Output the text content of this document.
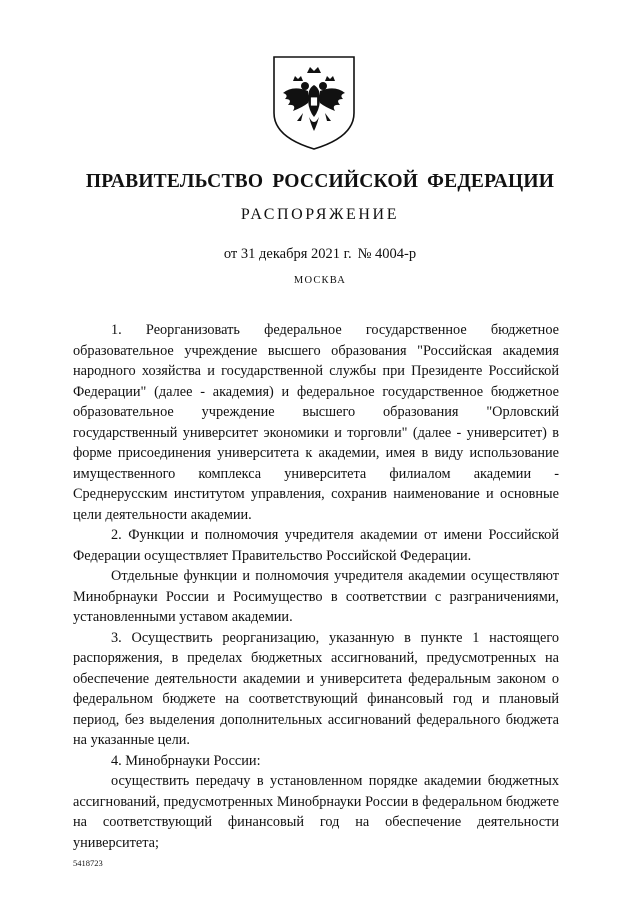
ПРАВИТЕЛЬСТВО РОССИЙСКОЙ ФЕДЕРАЦИИ
РАСПОРЯЖЕНИЕ
от 31 декабря 2021 г. № 4004-р
МОСКВА

1. Реорганизовать федеральное государственное бюджетное образовательное учреждение высшего образования "Российская академия народного хозяйства и государственной службы при Президенте Российской Федерации" (далее - академия) и федеральное государственное бюджетное образовательное учреждение высшего образования "Орловский государственный университет экономики и торговли" (далее - университет) в форме присоединения университета к академии, имея в виду использование имущественного комплекса университета филиалом академии - Среднерусским институтом управления, сохранив наименование и основные цели деятельности академии.

2. Функции и полномочия учредителя академии от имени Российской Федерации осуществляет Правительство Российской Федерации.

Отдельные функции и полномочия учредителя академии осуществляют Минобрнауки России и Росимущество в соответствии с разграничениями, установленными уставом академии.

3. Осуществить реорганизацию, указанную в пункте 1 настоящего распоряжения, в пределах бюджетных ассигнований, предусмотренных на обеспечение деятельности академии и университета федеральным законом о федеральном бюджете на соответствующий финансовый год и плановый период, без выделения дополнительных ассигнований федерального бюджета на указанные цели.

4. Минобрнауки России:

осуществить передачу в установленном порядке академии бюджетных ассигнований, предусмотренных Минобрнауки России в федеральном бюджете на соответствующий финансовый год на обеспечение деятельности университета;

5418723
